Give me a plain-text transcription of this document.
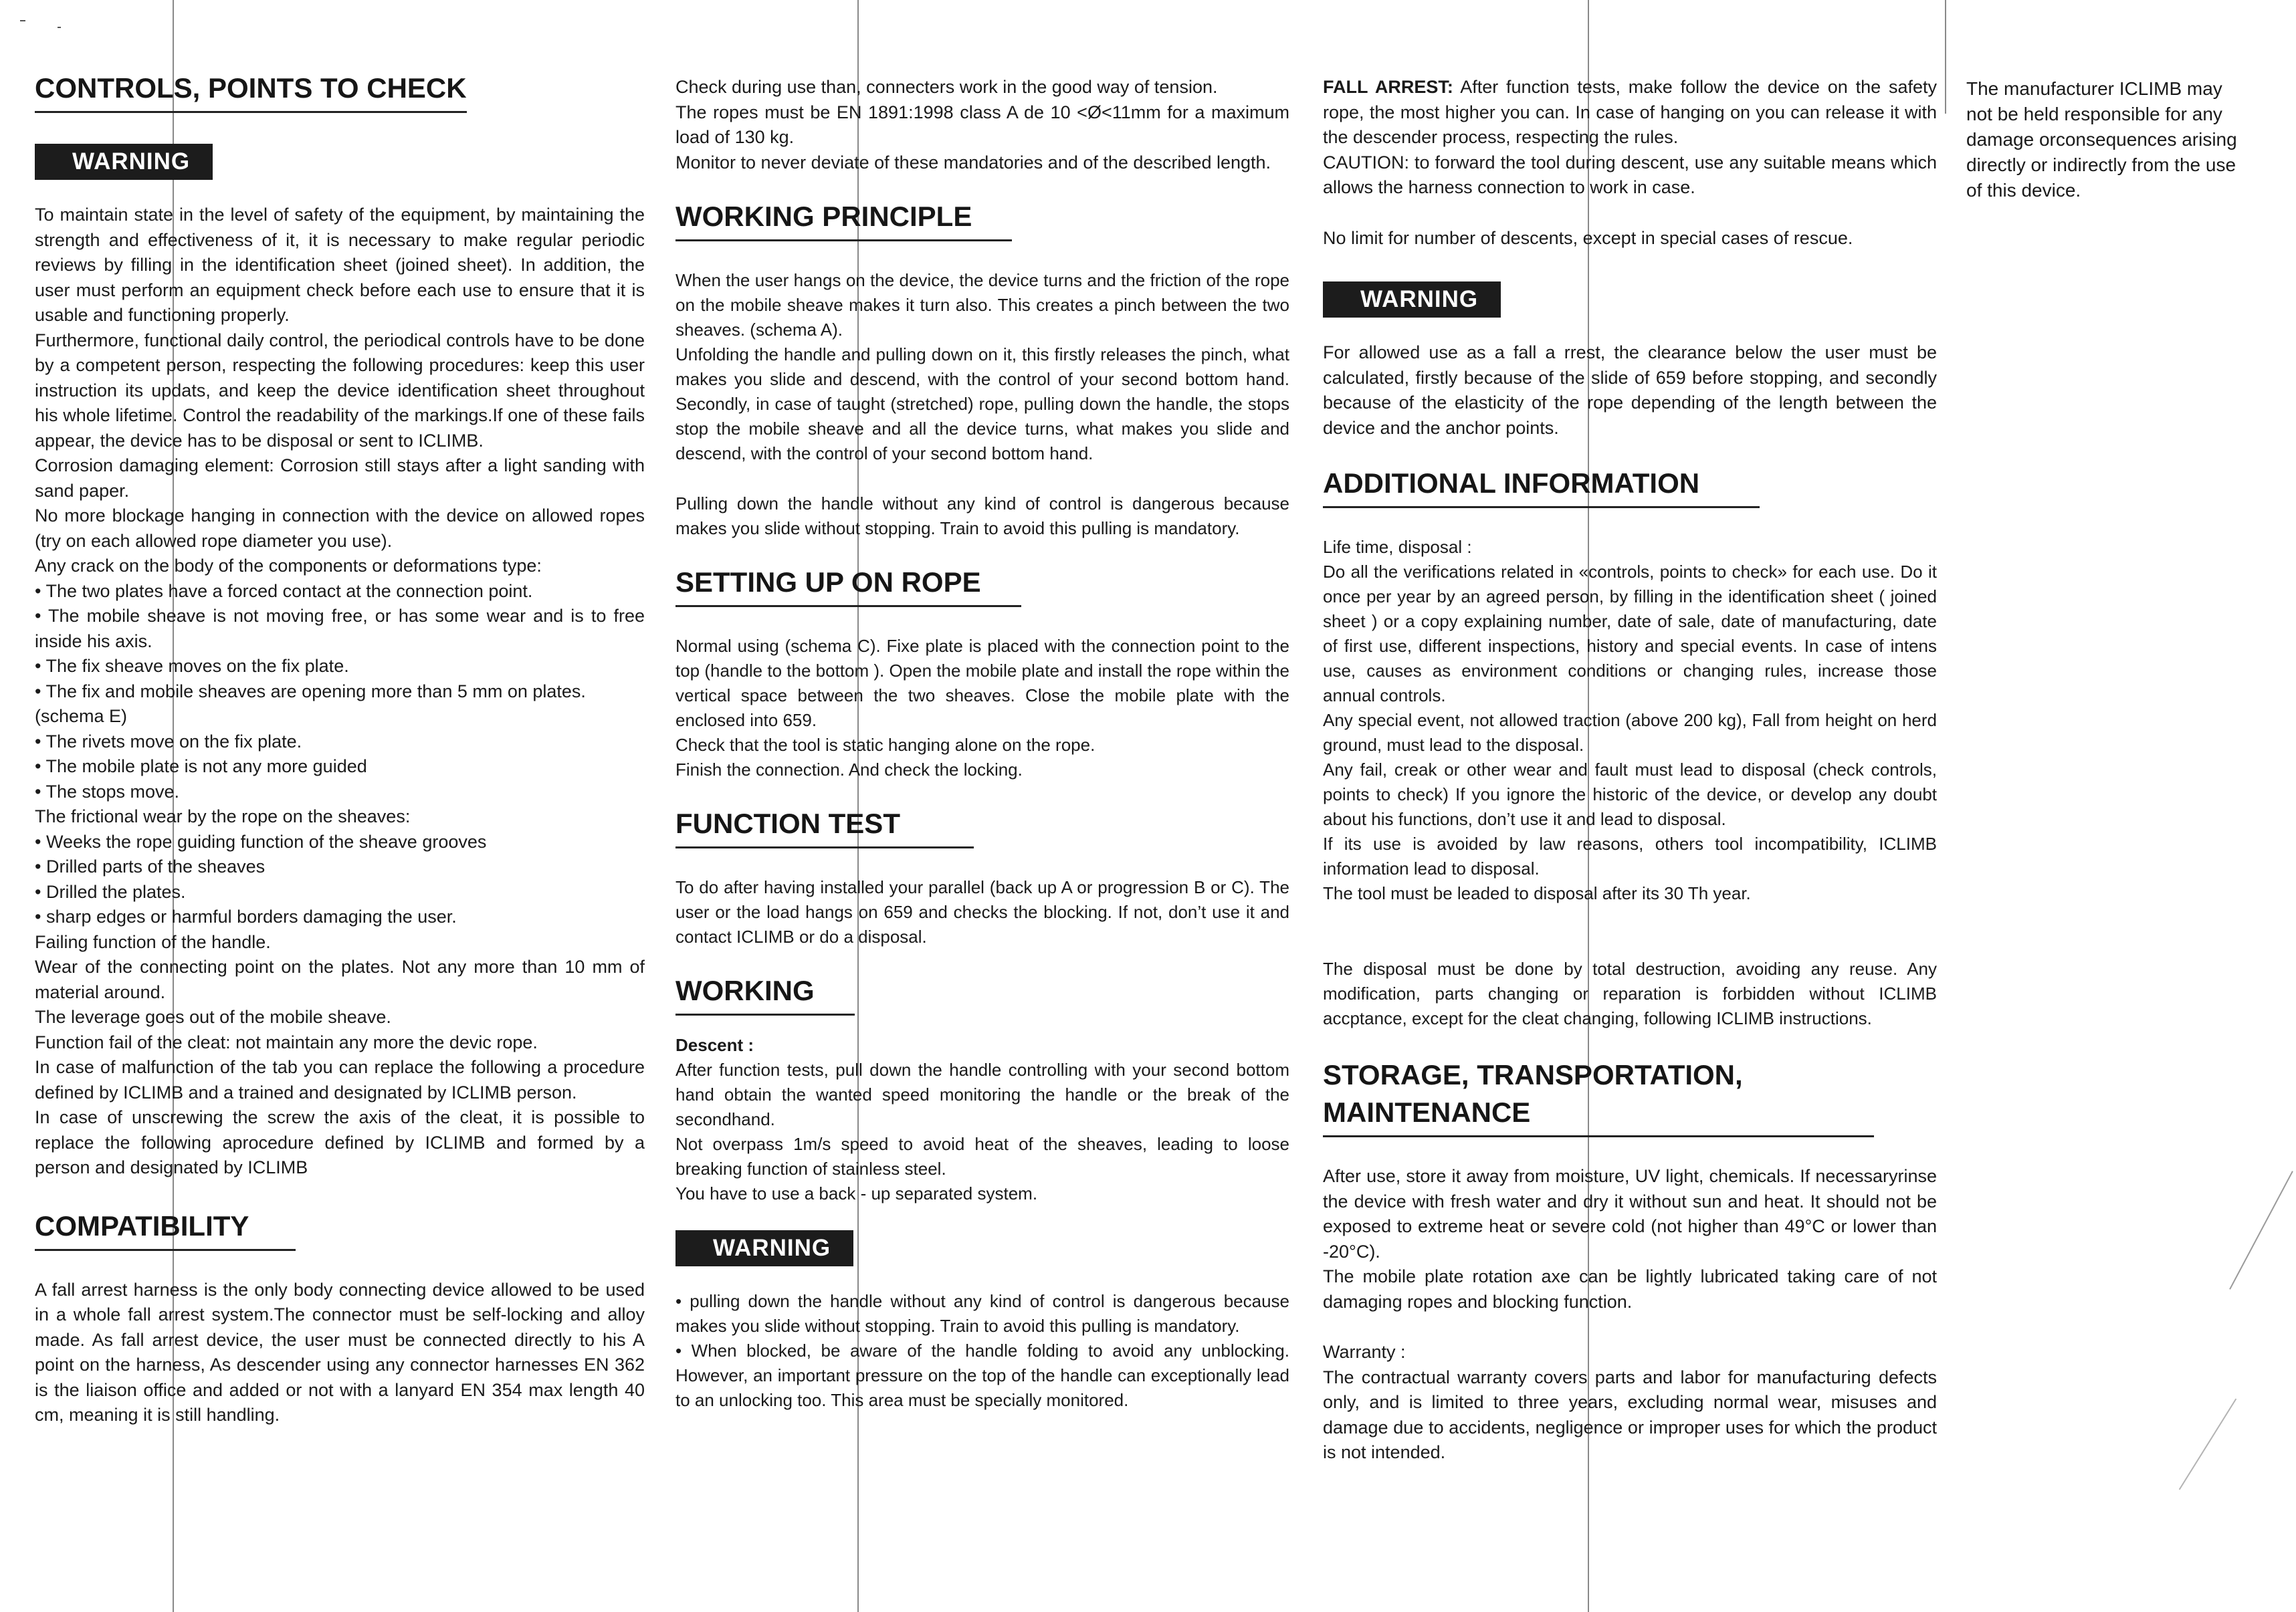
CONTROLS, POINTS TO CHECK
WARNING

To maintain state in the level of safety of the equipment, by maintaining the strength and effectiveness of it, it is necessary to make regular periodic reviews by filling in the identification sheet (joined sheet). In addition, the user must perform an equipment check before each use to ensure that it is usable and functioning properly.

Furthermore, functional daily control, the periodical controls have to be done by a competent person, respecting the following procedures: keep this user instruction its updats, and keep the device identification sheet throughout his whole lifetime. Control the readability of the markings.If one of these fails appear, the device has to be disposal or sent to ICLIMB.

Corrosion damaging element: Corrosion still stays after a light sanding with sand paper.

No more blockage hanging in connection with the device on allowed ropes (try on each allowed rope diameter you use).

Any crack on the body of the components or deformations type:

• The two plates have a forced contact at the connection point.

• The mobile sheave is not moving free, or has some wear and is to free inside his axis.

• The fix sheave moves on the fix plate.

• The fix and mobile sheaves are opening more than 5 mm on plates. (schema E)

• The rivets move on the fix plate.

• The mobile plate is not any more guided

• The stops move.

The frictional wear by the rope on the sheaves:

• Weeks the rope guiding function of the sheave grooves

• Drilled parts of the sheaves

• Drilled the plates.

• sharp edges or harmful borders damaging the user.

Failing function of the handle.

Wear of the connecting point on the plates. Not any more than 10 mm of material around.

The leverage goes out of the mobile sheave.

Function fail of the cleat: not maintain any more the devic rope.

In case of malfunction of the tab you can replace the following a procedure defined by ICLIMB and a trained and designated by ICLIMB person.

In case of unscrewing the screw the axis of the cleat, it is possible to replace the following aprocedure defined by ICLIMB and formed by a person and designated by ICLIMB

COMPATIBILITY

A fall arrest harness is the only body connecting device allowed to be used in a whole fall arrest system.The connector must be self-locking and alloy made. As fall arrest device, the user must be connected directly to his A point on the harness, As descender using any connector harnesses EN 362 is the liaison office and added or not with a lanyard EN 354 max length 40 cm, meaning it is still handling.

Check during use than, connecters work in the good way of tension.

The ropes must be EN 1891:1998 class A de 10 <Ø<11mm for a maximum load of 130 kg.

Monitor to never deviate of these mandatories and of the described length.

WORKING PRINCIPLE

When the user hangs on the device, the device turns and the friction of the rope on the mobile sheave makes it turn also. This creates a pinch between the two sheaves. (schema A).

Unfolding the handle and pulling down on it, this firstly releases the pinch, what makes you slide and descend, with the control of your second bottom hand. Secondly, in case of taught (stretched) rope, pulling down the handle, the stops stop the mobile sheave and all the device turns, what makes you slide and descend, with the control of your second bottom hand.

Pulling down the handle without any kind of control is dangerous because makes you slide without stopping. Train to avoid this pulling is mandatory.

SETTING UP ON ROPE

Normal using (schema C). Fixe plate is placed with the connection point to the top (handle to the bottom ). Open the mobile plate and install the rope within the vertical space between the two sheaves. Close the mobile plate with the enclosed into 659.

Check that the tool is static hanging alone on the rope.

Finish the connection. And check the locking.

FUNCTION TEST

To do after having installed your parallel (back up A or progression B or C). The user or the load hangs on 659 and checks the blocking. If not, don’t use it and contact ICLIMB or do a disposal.

WORKING

Descent :

After function tests, pull down the handle controlling with your second bottom hand obtain the wanted speed monitoring the handle or the break of the secondhand.

Not overpass 1m/s speed to avoid heat of the sheaves, leading to loose breaking function of stainless steel.

You have to use a back - up separated system.

WARNING

• pulling down the handle without any kind of control is dangerous because makes you slide without stopping. Train to avoid this pulling is mandatory.

• When blocked, be aware of the handle folding to avoid any unblocking. However, an important pressure on the top of the handle can exceptionally lead to an unlocking too. This area must be specially monitored.

FALL ARREST: After function tests, make follow the device on the safety rope, the most higher you can. In case of hanging on you can release it with the descender process, respecting the rules.

CAUTION: to forward the tool during descent, use any suitable means which allows the harness connection to work in case.

No limit for number of descents, except in special cases of rescue.

WARNING

For allowed use as a fall a rrest, the clearance below the user must be calculated, firstly because of the slide of 659 before stopping, and secondly because of the elasticity of the rope depending of the length between the device and the anchor points.

ADDITIONAL INFORMATION

Life time, disposal :

Do all the verifications related in «controls, points to check» for each use. Do it once per year by an agreed person, by filling in the identification sheet ( joined sheet ) or a copy explaining number, date of sale, date of manufacturing, date of first use, different inspections, history and special events. In case of intens use, causes as environment conditions or changing rules, increase those annual controls.

Any special event, not allowed traction (above 200 kg), Fall from height on herd ground, must lead to the disposal.

Any fail, creak or other wear and fault must lead to disposal (check controls, points to check) If you ignore the historic of the device, or develop any doubt about his functions, don’t use it and lead to disposal.

If its use is avoided by law reasons, others tool incompatibility, ICLIMB information lead to disposal.

The tool must be leaded to disposal after its 30 Th year.

The disposal must be done by total destruction, avoiding any reuse. Any modification, parts changing or reparation is forbidden without ICLIMB accptance, except for the cleat changing, following ICLIMB instructions.

STORAGE, TRANSPORTATION,
MAINTENANCE

After use, store it away from moisture, UV light, chemicals. If necessaryrinse the device with fresh water and dry it without sun and heat. It should not be exposed to extreme heat or severe cold (not higher than 49°C or lower than -20°C).

The mobile plate rotation axe can be lightly lubricated taking care of not damaging ropes and blocking function.

Warranty :

The contractual warranty covers parts and labor for manufacturing defects only, and is limited to three years, excluding normal wear, misuses and damage due to accidents, negligence or improper uses for which the product is not intended.

The manufacturer ICLIMB may not be held responsible for any damage orconsequences arising directly or indirectly from the use of this device.
